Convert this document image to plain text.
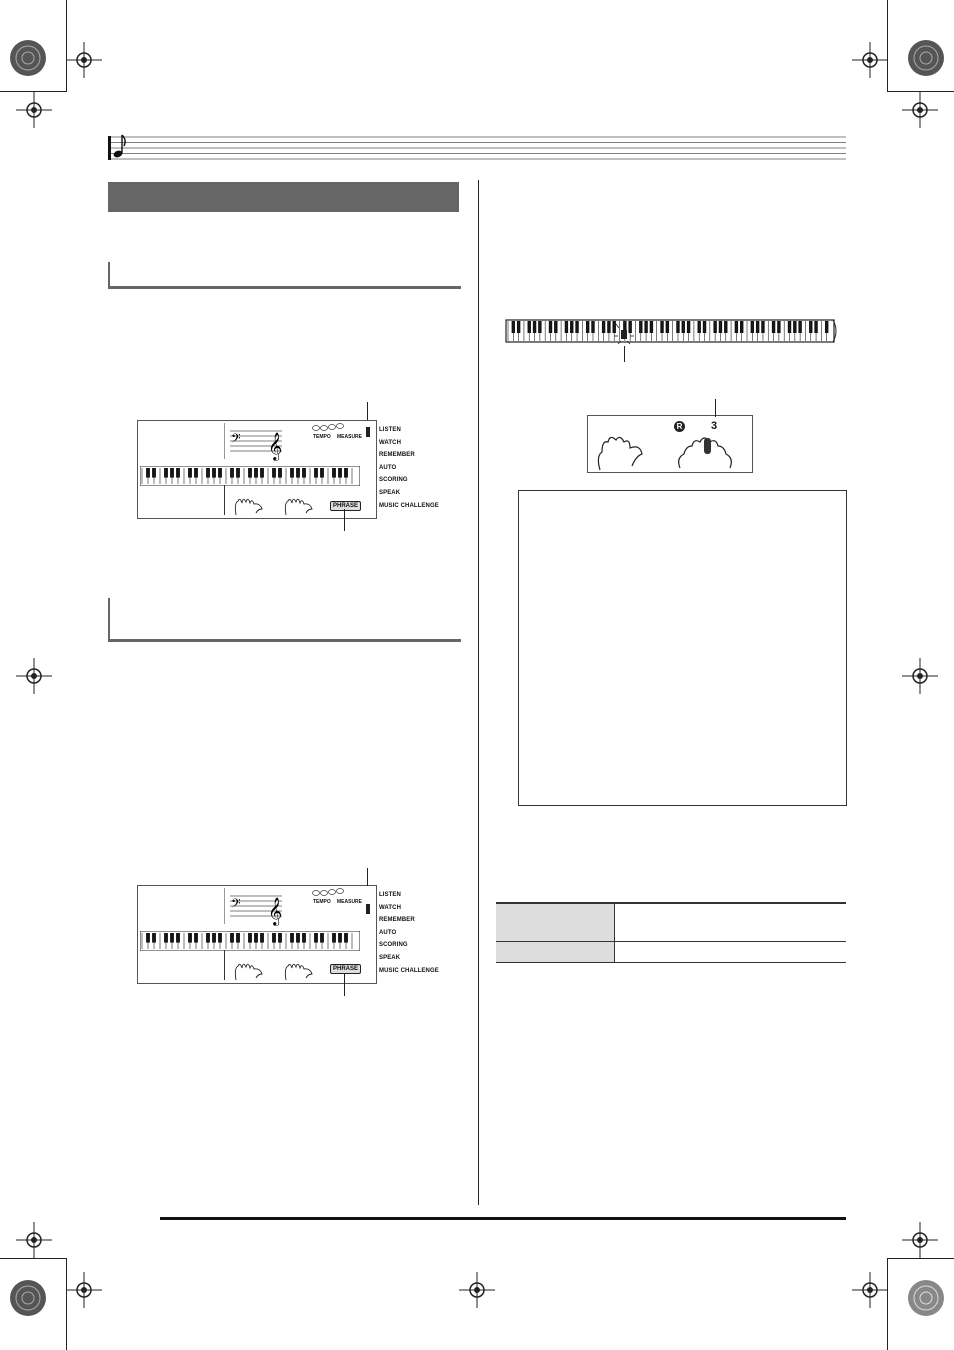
𝄢 𝄞	TEMPO MEASURE
PHRASE
LISTEN
WATCH
REMEMBER
AUTO
SCORING
SPEAK
MUSIC CHALLENGE
𝄢 𝄞	TEMPO MEASURE
PHRASE
LISTEN
WATCH
REMEMBER
AUTO
SCORING
SPEAK
MUSIC CHALLENGE
R	3
